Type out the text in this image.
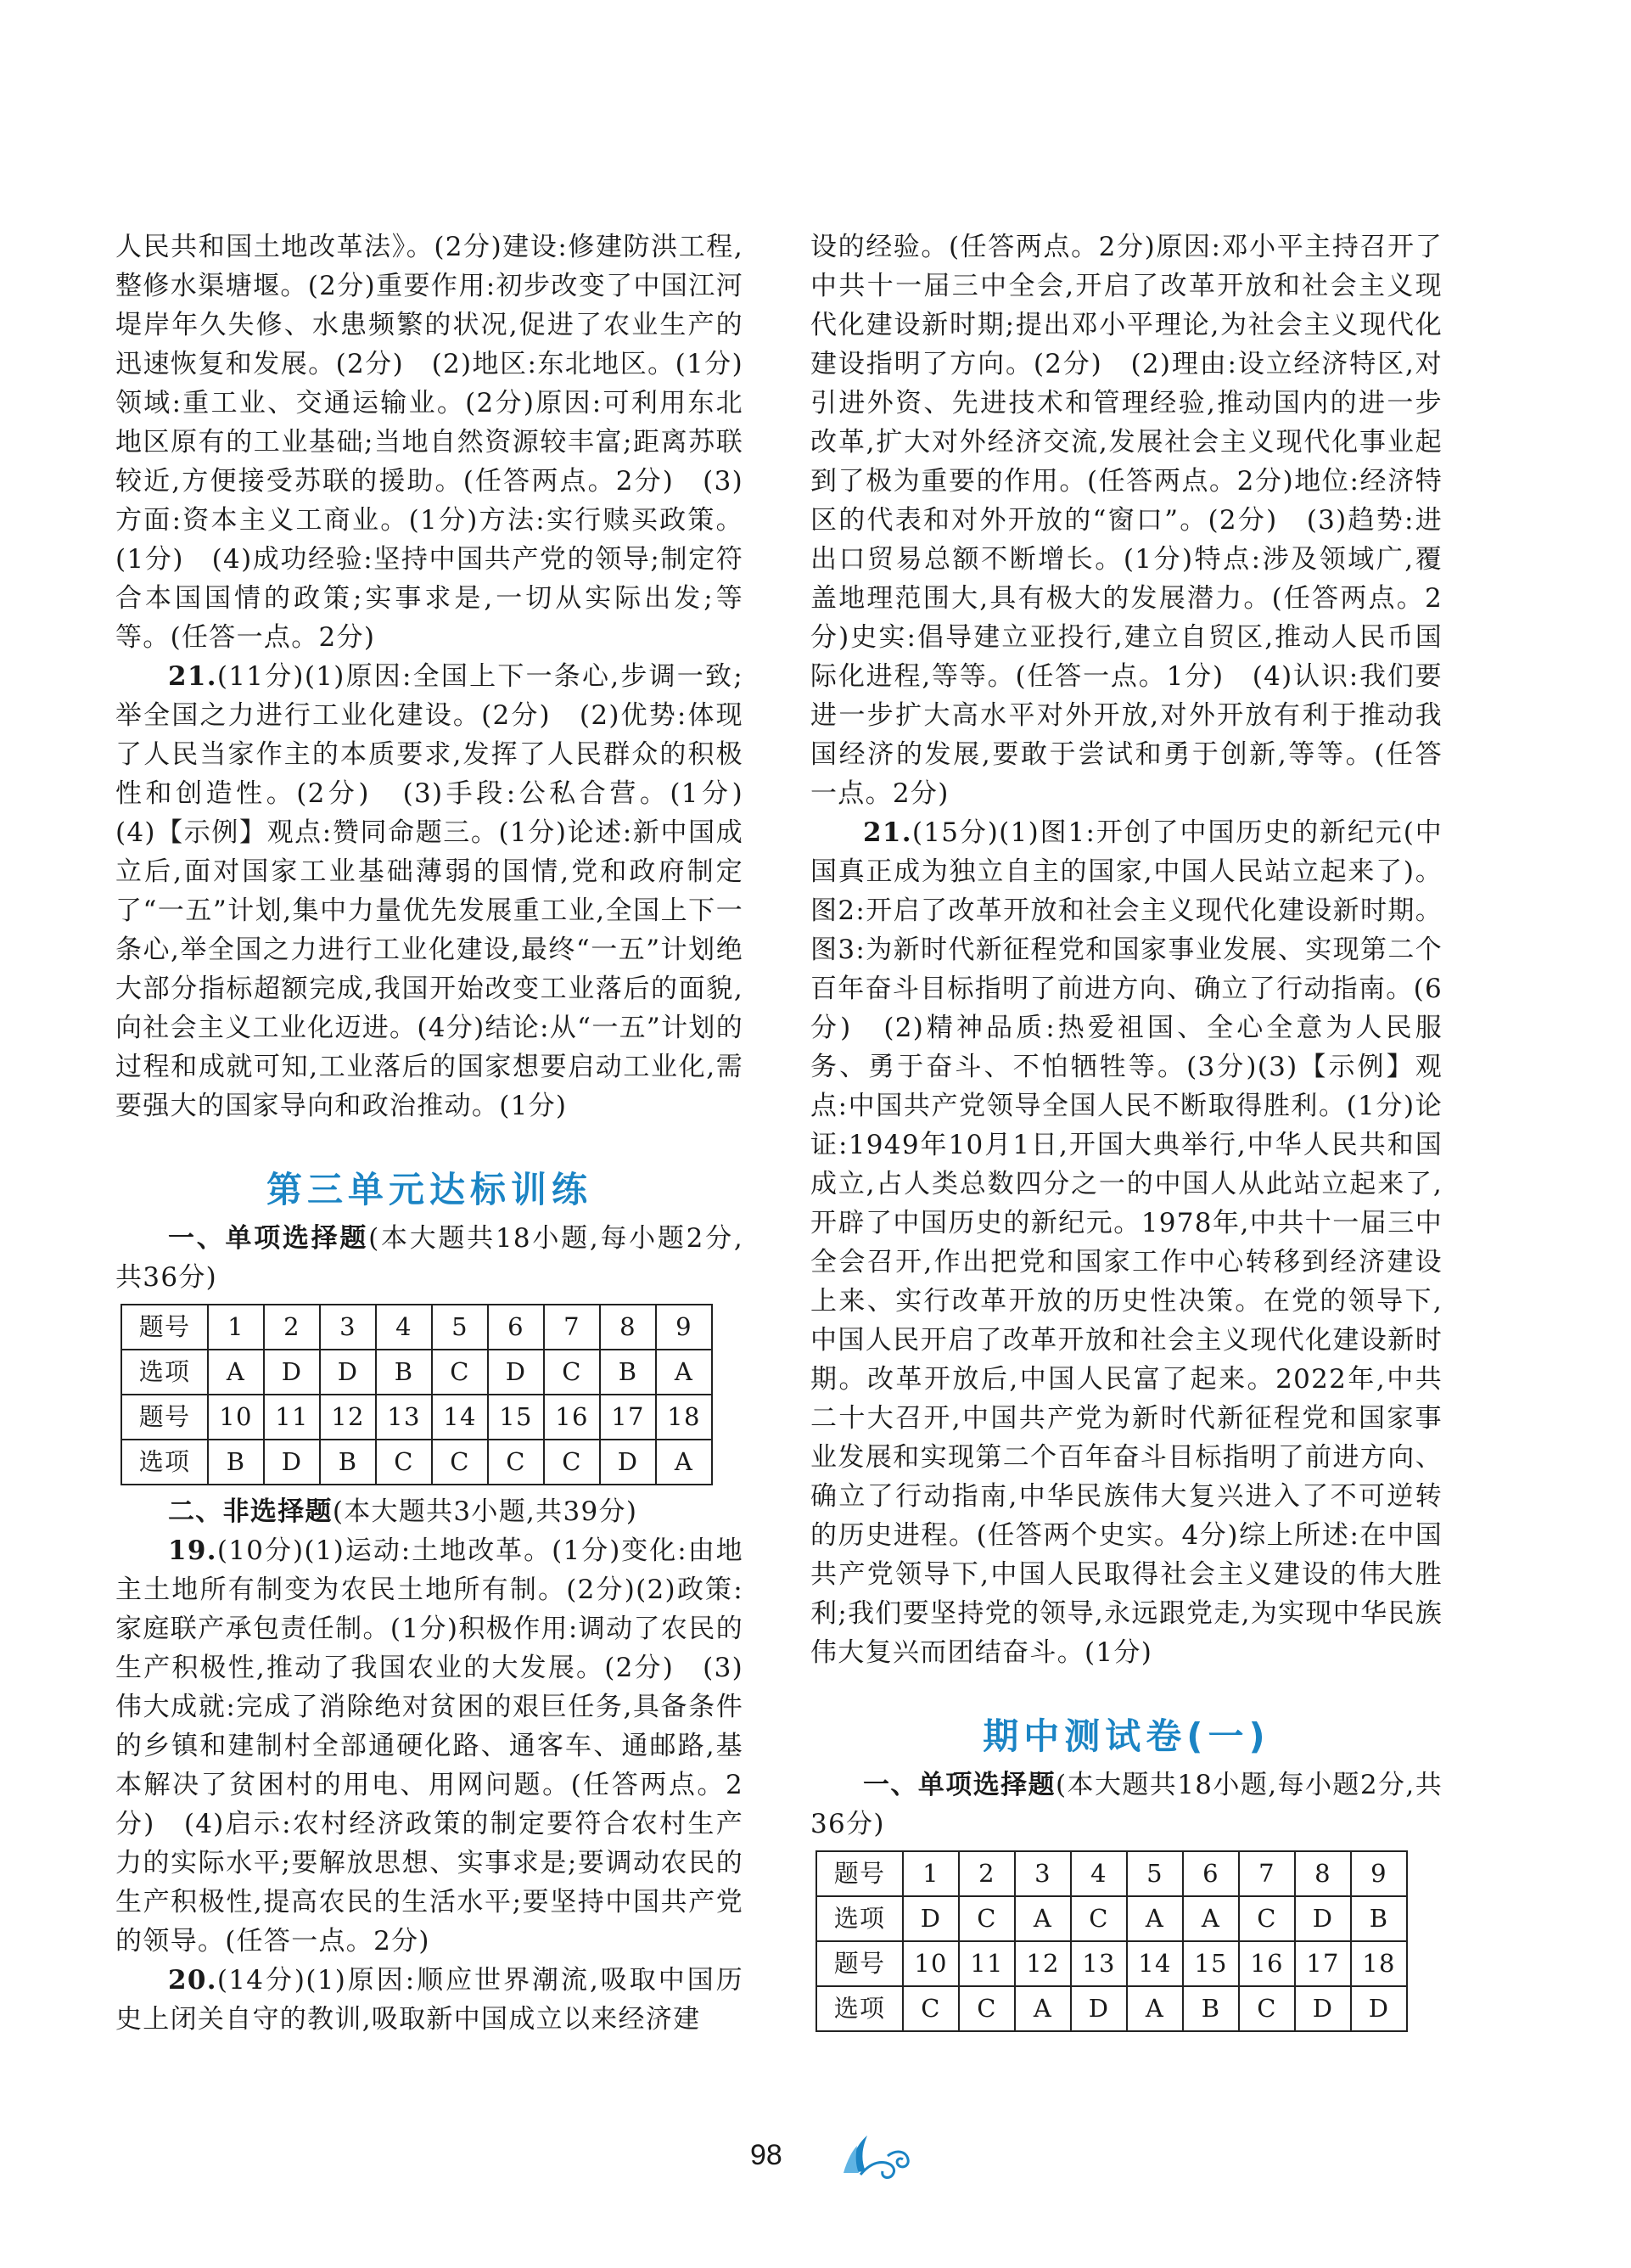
人民共和国土地改革法》。(2分)建设:修建防洪工程,整修水渠塘堰。(2分)重要作用:初步改变了中国江河堤岸年久失修、水患频繁的状况,促进了农业生产的迅速恢复和发展。(2分)　(2)地区:东北地区。(1分)领域:重工业、交通运输业。(2分)原因:可利用东北地区原有的工业基础;当地自然资源较丰富;距离苏联较近,方便接受苏联的援助。(任答两点。2分)　(3)方面:资本主义工商业。(1分)方法:实行赎买政策。(1分)　(4)成功经验:坚持中国共产党的领导;制定符合本国国情的政策;实事求是,一切从实际出发;等等。(任答一点。2分)

21.(11分)(1)原因:全国上下一条心,步调一致;举全国之力进行工业化建设。(2分)　(2)优势:体现了人民当家作主的本质要求,发挥了人民群众的积极性和创造性。(2分)　(3)手段:公私合营。(1分)　(4)【示例】观点:赞同命题三。(1分)论述:新中国成立后,面对国家工业基础薄弱的国情,党和政府制定了“一五”计划,集中力量优先发展重工业,全国上下一条心,举全国之力进行工业化建设,最终“一五”计划绝大部分指标超额完成,我国开始改变工业落后的面貌,向社会主义工业化迈进。(4分)结论:从“一五”计划的过程和成就可知,工业落后的国家想要启动工业化,需要强大的国家导向和政治推动。(1分)

第三单元达标训练

一、单项选择题(本大题共18小题,每小题2分,共36分)

题号	1	2	3	4	5	6	7	8	9
选项	A	D	D	B	C	D	C	B	A
题号	10	11	12	13	14	15	16	17	18
选项	B	D	B	C	C	C	C	D	A

二、非选择题(本大题共3小题,共39分)

19.(10分)(1)运动:土地改革。(1分)变化:由地主土地所有制变为农民土地所有制。(2分)(2)政策:家庭联产承包责任制。(1分)积极作用:调动了农民的生产积极性,推动了我国农业的大发展。(2分)　(3)伟大成就:完成了消除绝对贫困的艰巨任务,具备条件的乡镇和建制村全部通硬化路、通客车、通邮路,基本解决了贫困村的用电、用网问题。(任答两点。2分)　(4)启示:农村经济政策的制定要符合农村生产力的实际水平;要解放思想、实事求是;要调动农民的生产积极性,提高农民的生活水平;要坚持中国共产党的领导。(任答一点。2分)

20.(14分)(1)原因:顺应世界潮流,吸取中国历史上闭关自守的教训,吸取新中国成立以来经济建

设的经验。(任答两点。2分)原因:邓小平主持召开了中共十一届三中全会,开启了改革开放和社会主义现代化建设新时期;提出邓小平理论,为社会主义现代化建设指明了方向。(2分)　(2)理由:设立经济特区,对引进外资、先进技术和管理经验,推动国内的进一步改革,扩大对外经济交流,发展社会主义现代化事业起到了极为重要的作用。(任答两点。2分)地位:经济特区的代表和对外开放的“窗口”。(2分)　(3)趋势:进出口贸易总额不断增长。(1分)特点:涉及领域广,覆盖地理范围大,具有极大的发展潜力。(任答两点。2分)史实:倡导建立亚投行,建立自贸区,推动人民币国际化进程,等等。(任答一点。1分)　(4)认识:我们要进一步扩大高水平对外开放,对外开放有利于推动我国经济的发展,要敢于尝试和勇于创新,等等。(任答一点。2分)

21.(15分)(1)图1:开创了中国历史的新纪元(中国真正成为独立自主的国家,中国人民站立起来了)。图2:开启了改革开放和社会主义现代化建设新时期。图3:为新时代新征程党和国家事业发展、实现第二个百年奋斗目标指明了前进方向、确立了行动指南。(6分)　(2)精神品质:热爱祖国、全心全意为人民服务、勇于奋斗、不怕牺牲等。(3分)(3)【示例】观点:中国共产党领导全国人民不断取得胜利。(1分)论证:1949年10月1日,开国大典举行,中华人民共和国成立,占人类总数四分之一的中国人从此站立起来了,开辟了中国历史的新纪元。1978年,中共十一届三中全会召开,作出把党和国家工作中心转移到经济建设上来、实行改革开放的历史性决策。在党的领导下,中国人民开启了改革开放和社会主义现代化建设新时期。改革开放后,中国人民富了起来。2022年,中共二十大召开,中国共产党为新时代新征程党和国家事业发展和实现第二个百年奋斗目标指明了前进方向、确立了行动指南,中华民族伟大复兴进入了不可逆转的历史进程。(任答两个史实。4分)综上所述:在中国共产党领导下,中国人民取得社会主义建设的伟大胜利;我们要坚持党的领导,永远跟党走,为实现中华民族伟大复兴而团结奋斗。(1分)

期中测试卷(一)

一、单项选择题(本大题共18小题,每小题2分,共36分)

题号	1	2	3	4	5	6	7	8	9
选项	D	C	A	C	A	A	C	D	B
题号	10	11	12	13	14	15	16	17	18
选项	C	C	A	D	A	B	C	D	D
98
